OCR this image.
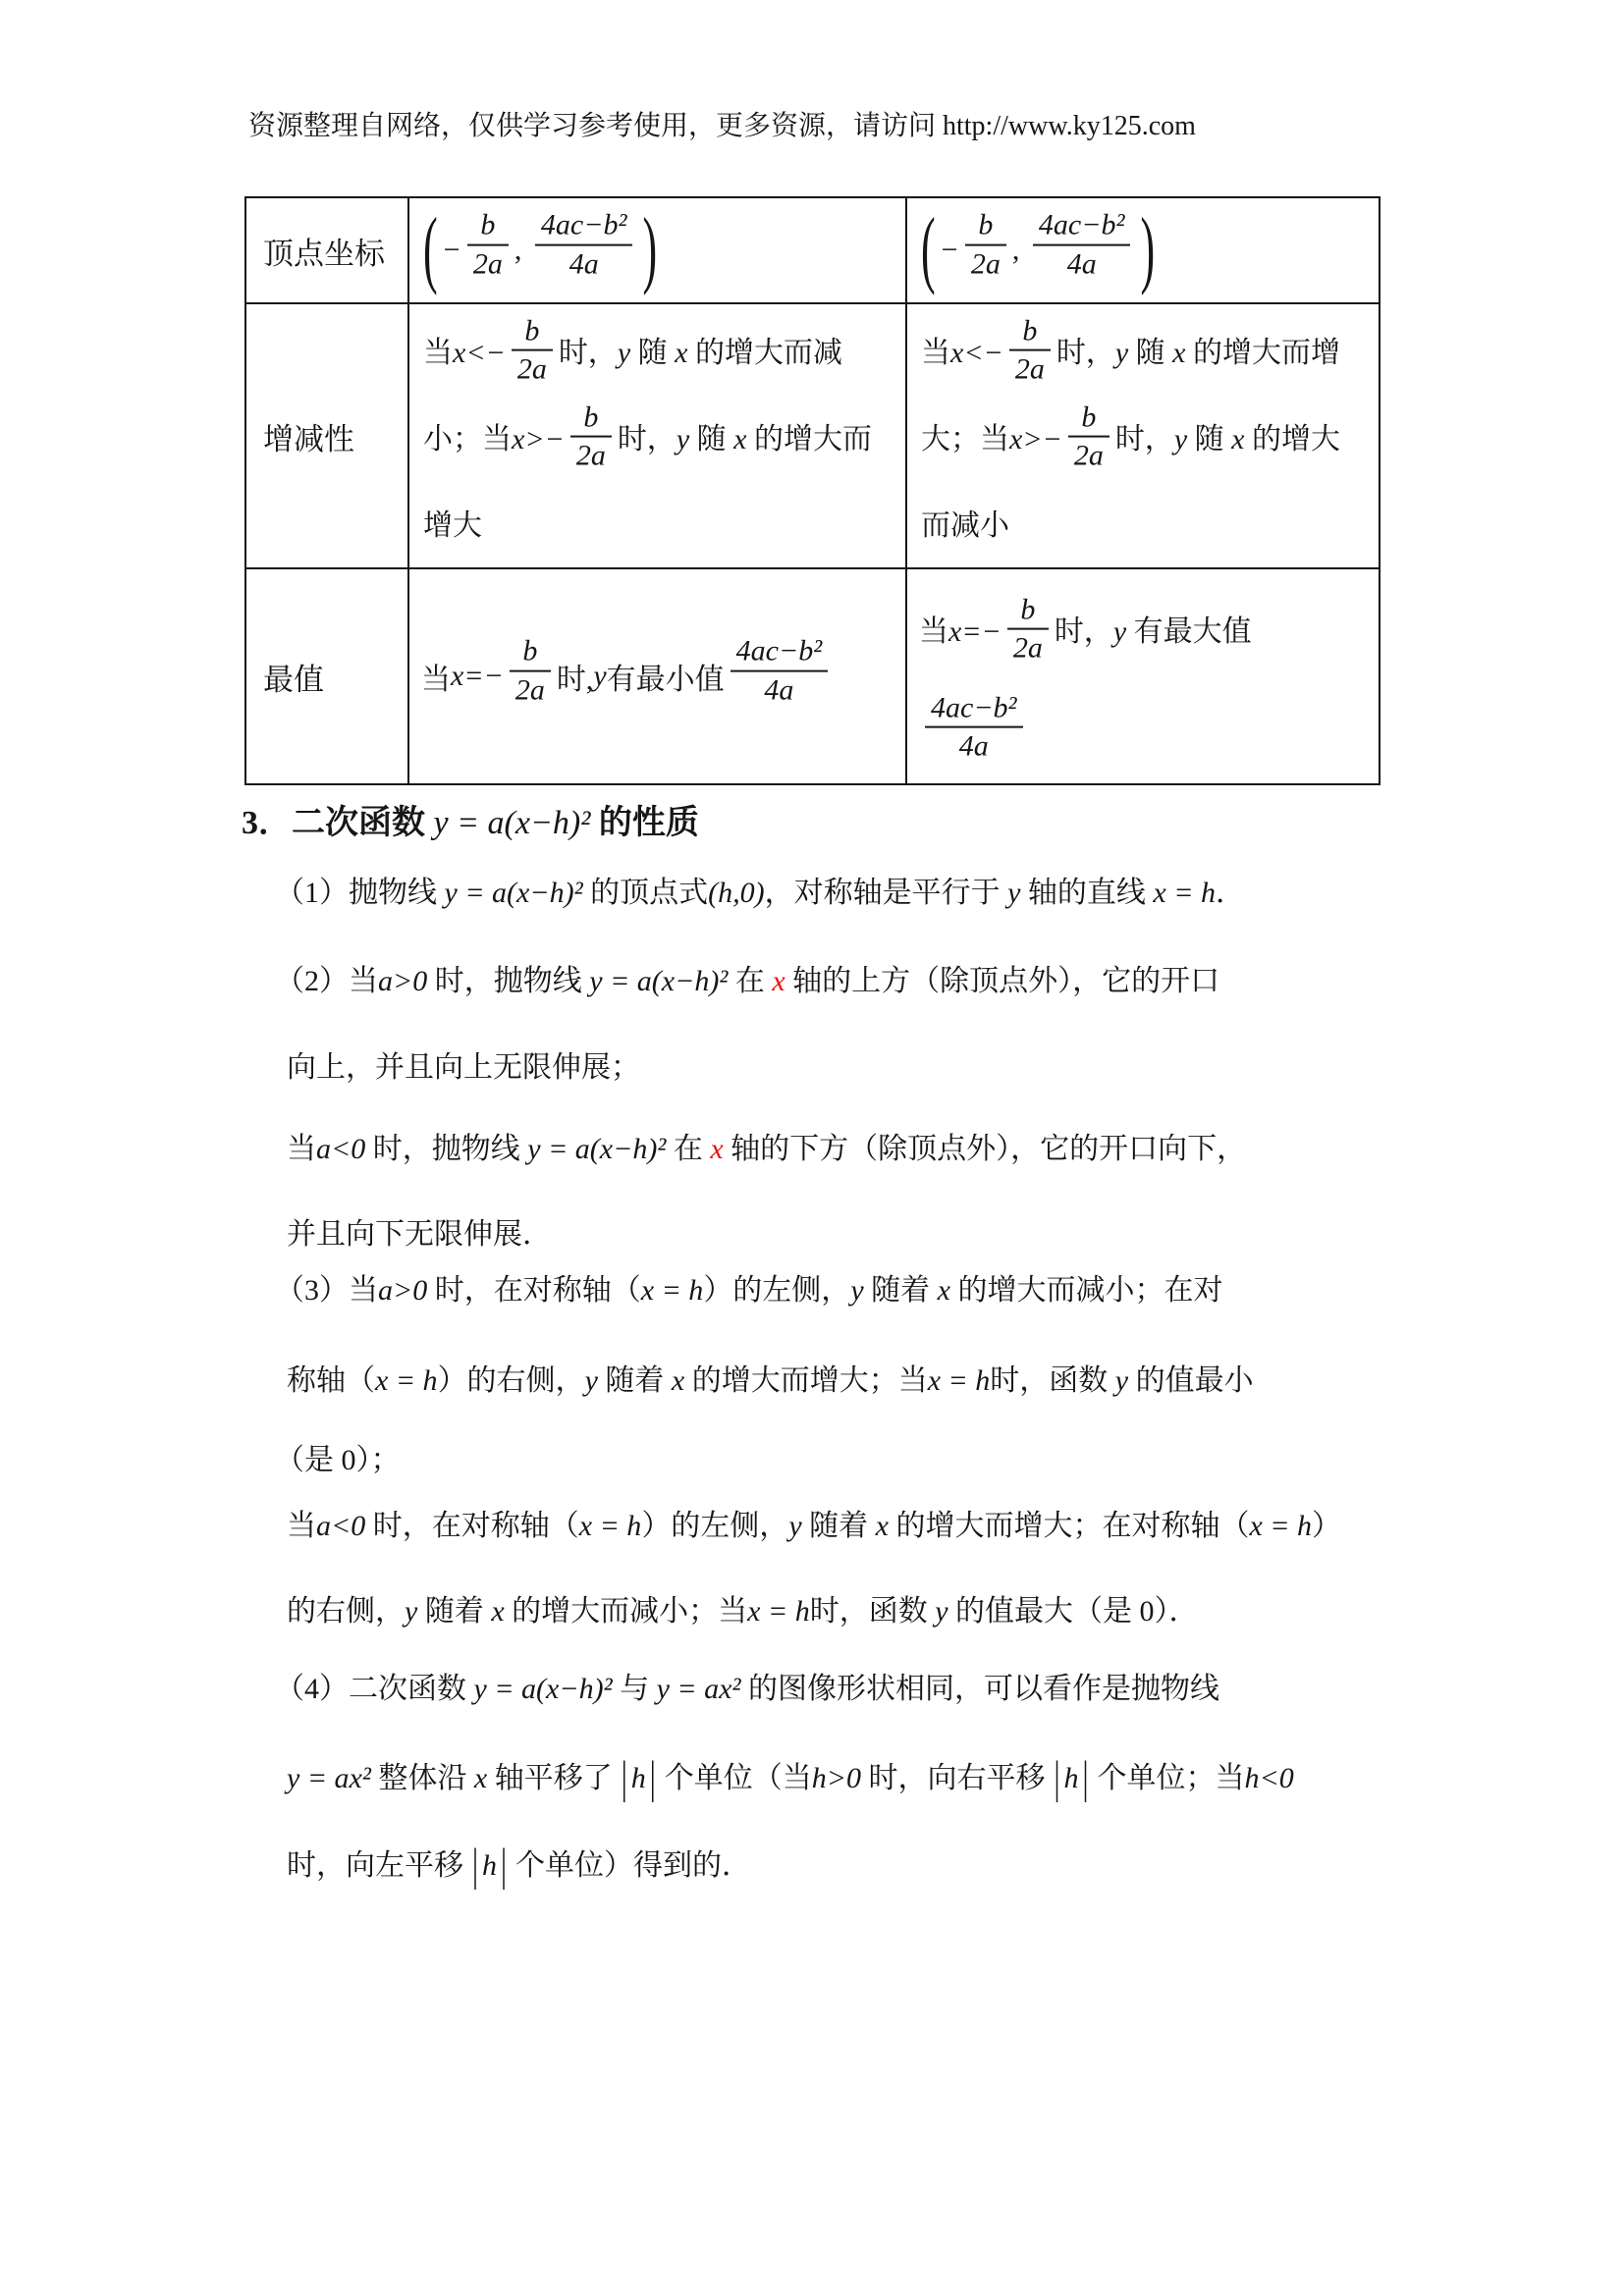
资源整理自网络，仅供学习参考使用，更多资源，请访问 http://www.ky125.com
顶点坐标 ( − $\frac{b}{2a}$ , $\frac{\text{4ac−b²}}{4a}$ )	( − $\frac{b}{2a}$ , $\frac{\text{4ac−b²}}{4a}$ )
增减性
当$x<- \frac{b}{2a}$ 时，y 随 x 的增大而减小；当$x>- \frac{b}{2a}$ 时，y 随 x 的增大而增大
当$x<- \frac{b}{2a}$ 时，y 随 x 的增大而增大；当$x>- \frac{b}{2a}$ 时，y 随 x 的增大而减小
最值	当 $x=- \frac{b}{2a}$ 时, y 有最小值 $\frac{\text{4ac−b²}}{4a}$
当$x=- \frac{b}{2a}$ 时，y 有最大值

$\frac{\text{4ac−b²}}{4a}$
3．二次函数 y = a(x−h)² 的性质
（1）抛物线 y = a(x−h)² 的顶点式(h,0)，对称轴是平行于 y 轴的直线 x = h．
（2）当a>0 时，抛物线 y = a(x−h)² 在 x 轴的上方（除顶点外），它的开口
向上，并且向上无限伸展；
当a<0 时，抛物线 y = a(x−h)² 在 x 轴的下方（除顶点外），它的开口向下，
并且向下无限伸展．
（3）当a>0 时，在对称轴（x = h）的左侧，y 随着 x 的增大而减小；在对
称轴（x = h）的右侧，y 随着 x 的增大而增大；当x = h时，函数 y 的值最小
（是 0）；
当a<0 时，在对称轴（x = h）的左侧，y 随着 x 的增大而增大；在对称轴（x = h）
的右侧，y 随着 x 的增大而减小；当x = h时，函数 y 的值最大（是 0）．
（4）二次函数 y = a(x−h)² 与 y = ax² 的图像形状相同，可以看作是抛物线
y = ax² 整体沿 x 轴平移了 | h | 个单位（当h>0 时，向右平移 | h | 个单位；当h<0
时，向左平移 | h | 个单位）得到的．
